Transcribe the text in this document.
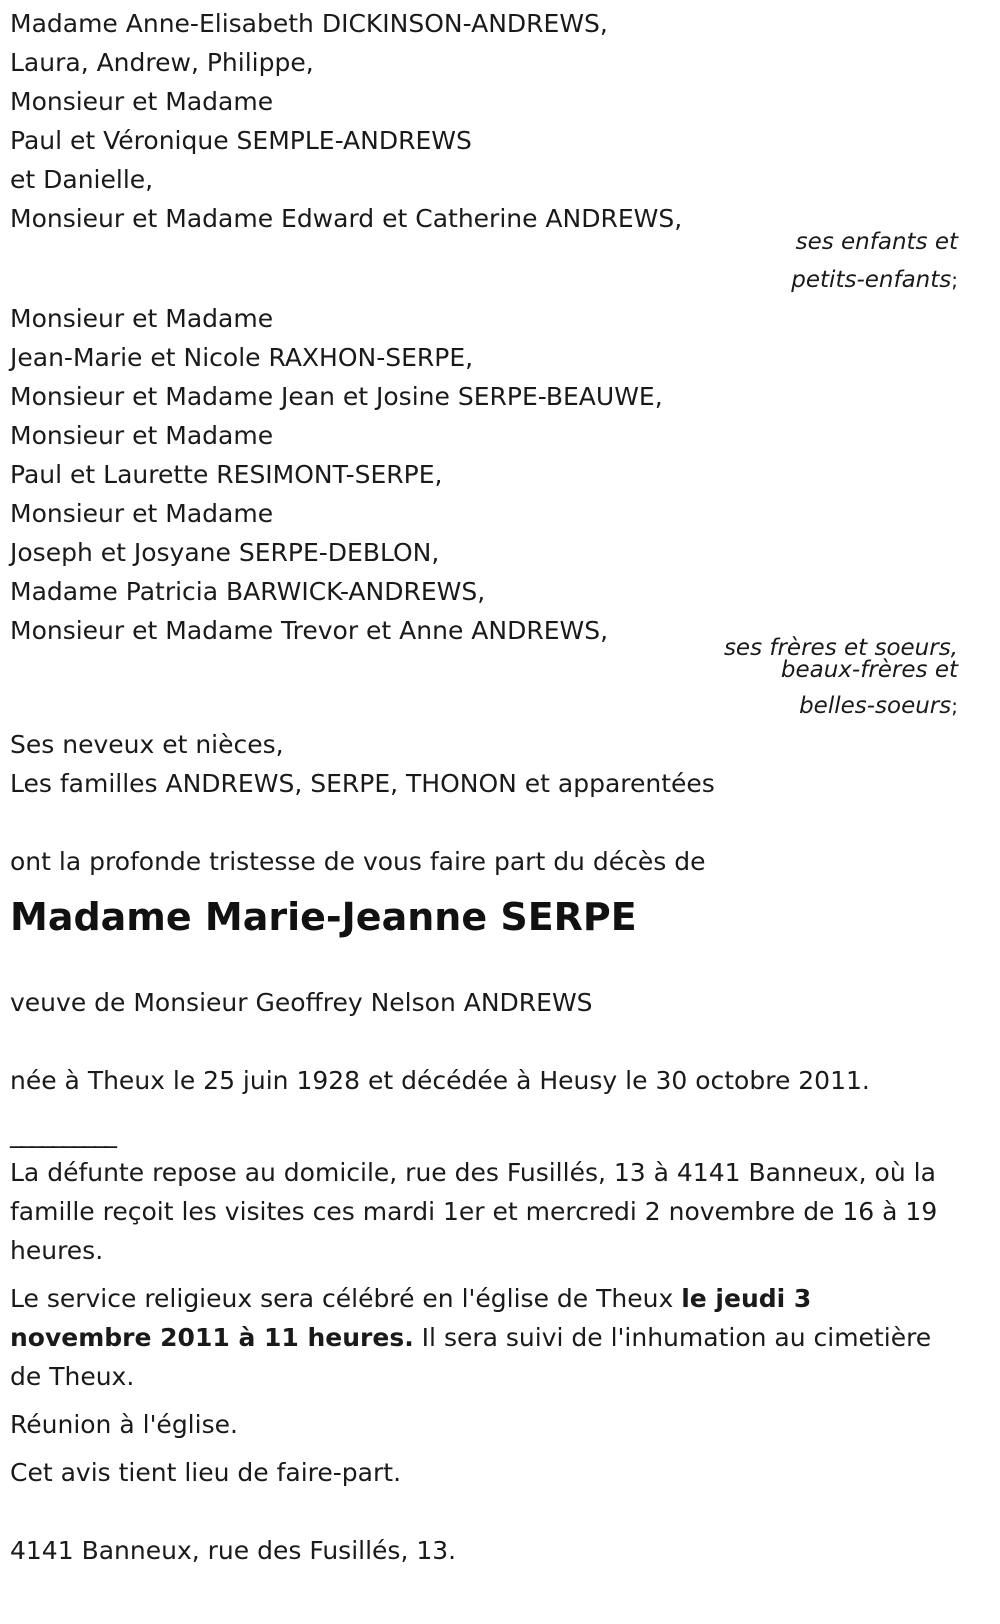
Madame Anne-Elisabeth DICKINSON-ANDREWS,
Laura, Andrew, Philippe,
Monsieur et Madame
Paul et Véronique SEMPLE-ANDREWS
et Danielle,
Monsieur et Madame Edward et Catherine ANDREWS,
ses enfants et
petits-enfants;
Monsieur et Madame
Jean-Marie et Nicole RAXHON-SERPE,
Monsieur et Madame Jean et Josine SERPE-BEAUWE,
Monsieur et Madame
Paul et Laurette RESIMONT-SERPE,
Monsieur et Madame
Joseph et Josyane SERPE-DEBLON,
Madame Patricia BARWICK-ANDREWS,
Monsieur et Madame Trevor et Anne ANDREWS,
ses frères et soeurs,
beaux-frères et
belles-soeurs;
Ses neveux et nièces,
Les familles ANDREWS, SERPE, THONON et apparentées
ont la profonde tristesse de vous faire part du décès de
Madame Marie-Jeanne SERPE
veuve de Monsieur Geoffrey Nelson ANDREWS
née à Theux le 25 juin 1928 et décédée à Heusy le 30 octobre 2011.
__________
La défunte repose au domicile, rue des Fusillés, 13 à 4141 Banneux, où la famille reçoit les visites ces mardi 1er et mercredi 2 novembre de 16 à 19 heures.
Le service religieux sera célébré en l'église de Theux le jeudi 3 novembre 2011 à 11 heures. Il sera suivi de l'inhumation au cimetière de Theux.
Réunion à l'église.
Cet avis tient lieu de faire-part.
4141 Banneux, rue des Fusillés, 13.
